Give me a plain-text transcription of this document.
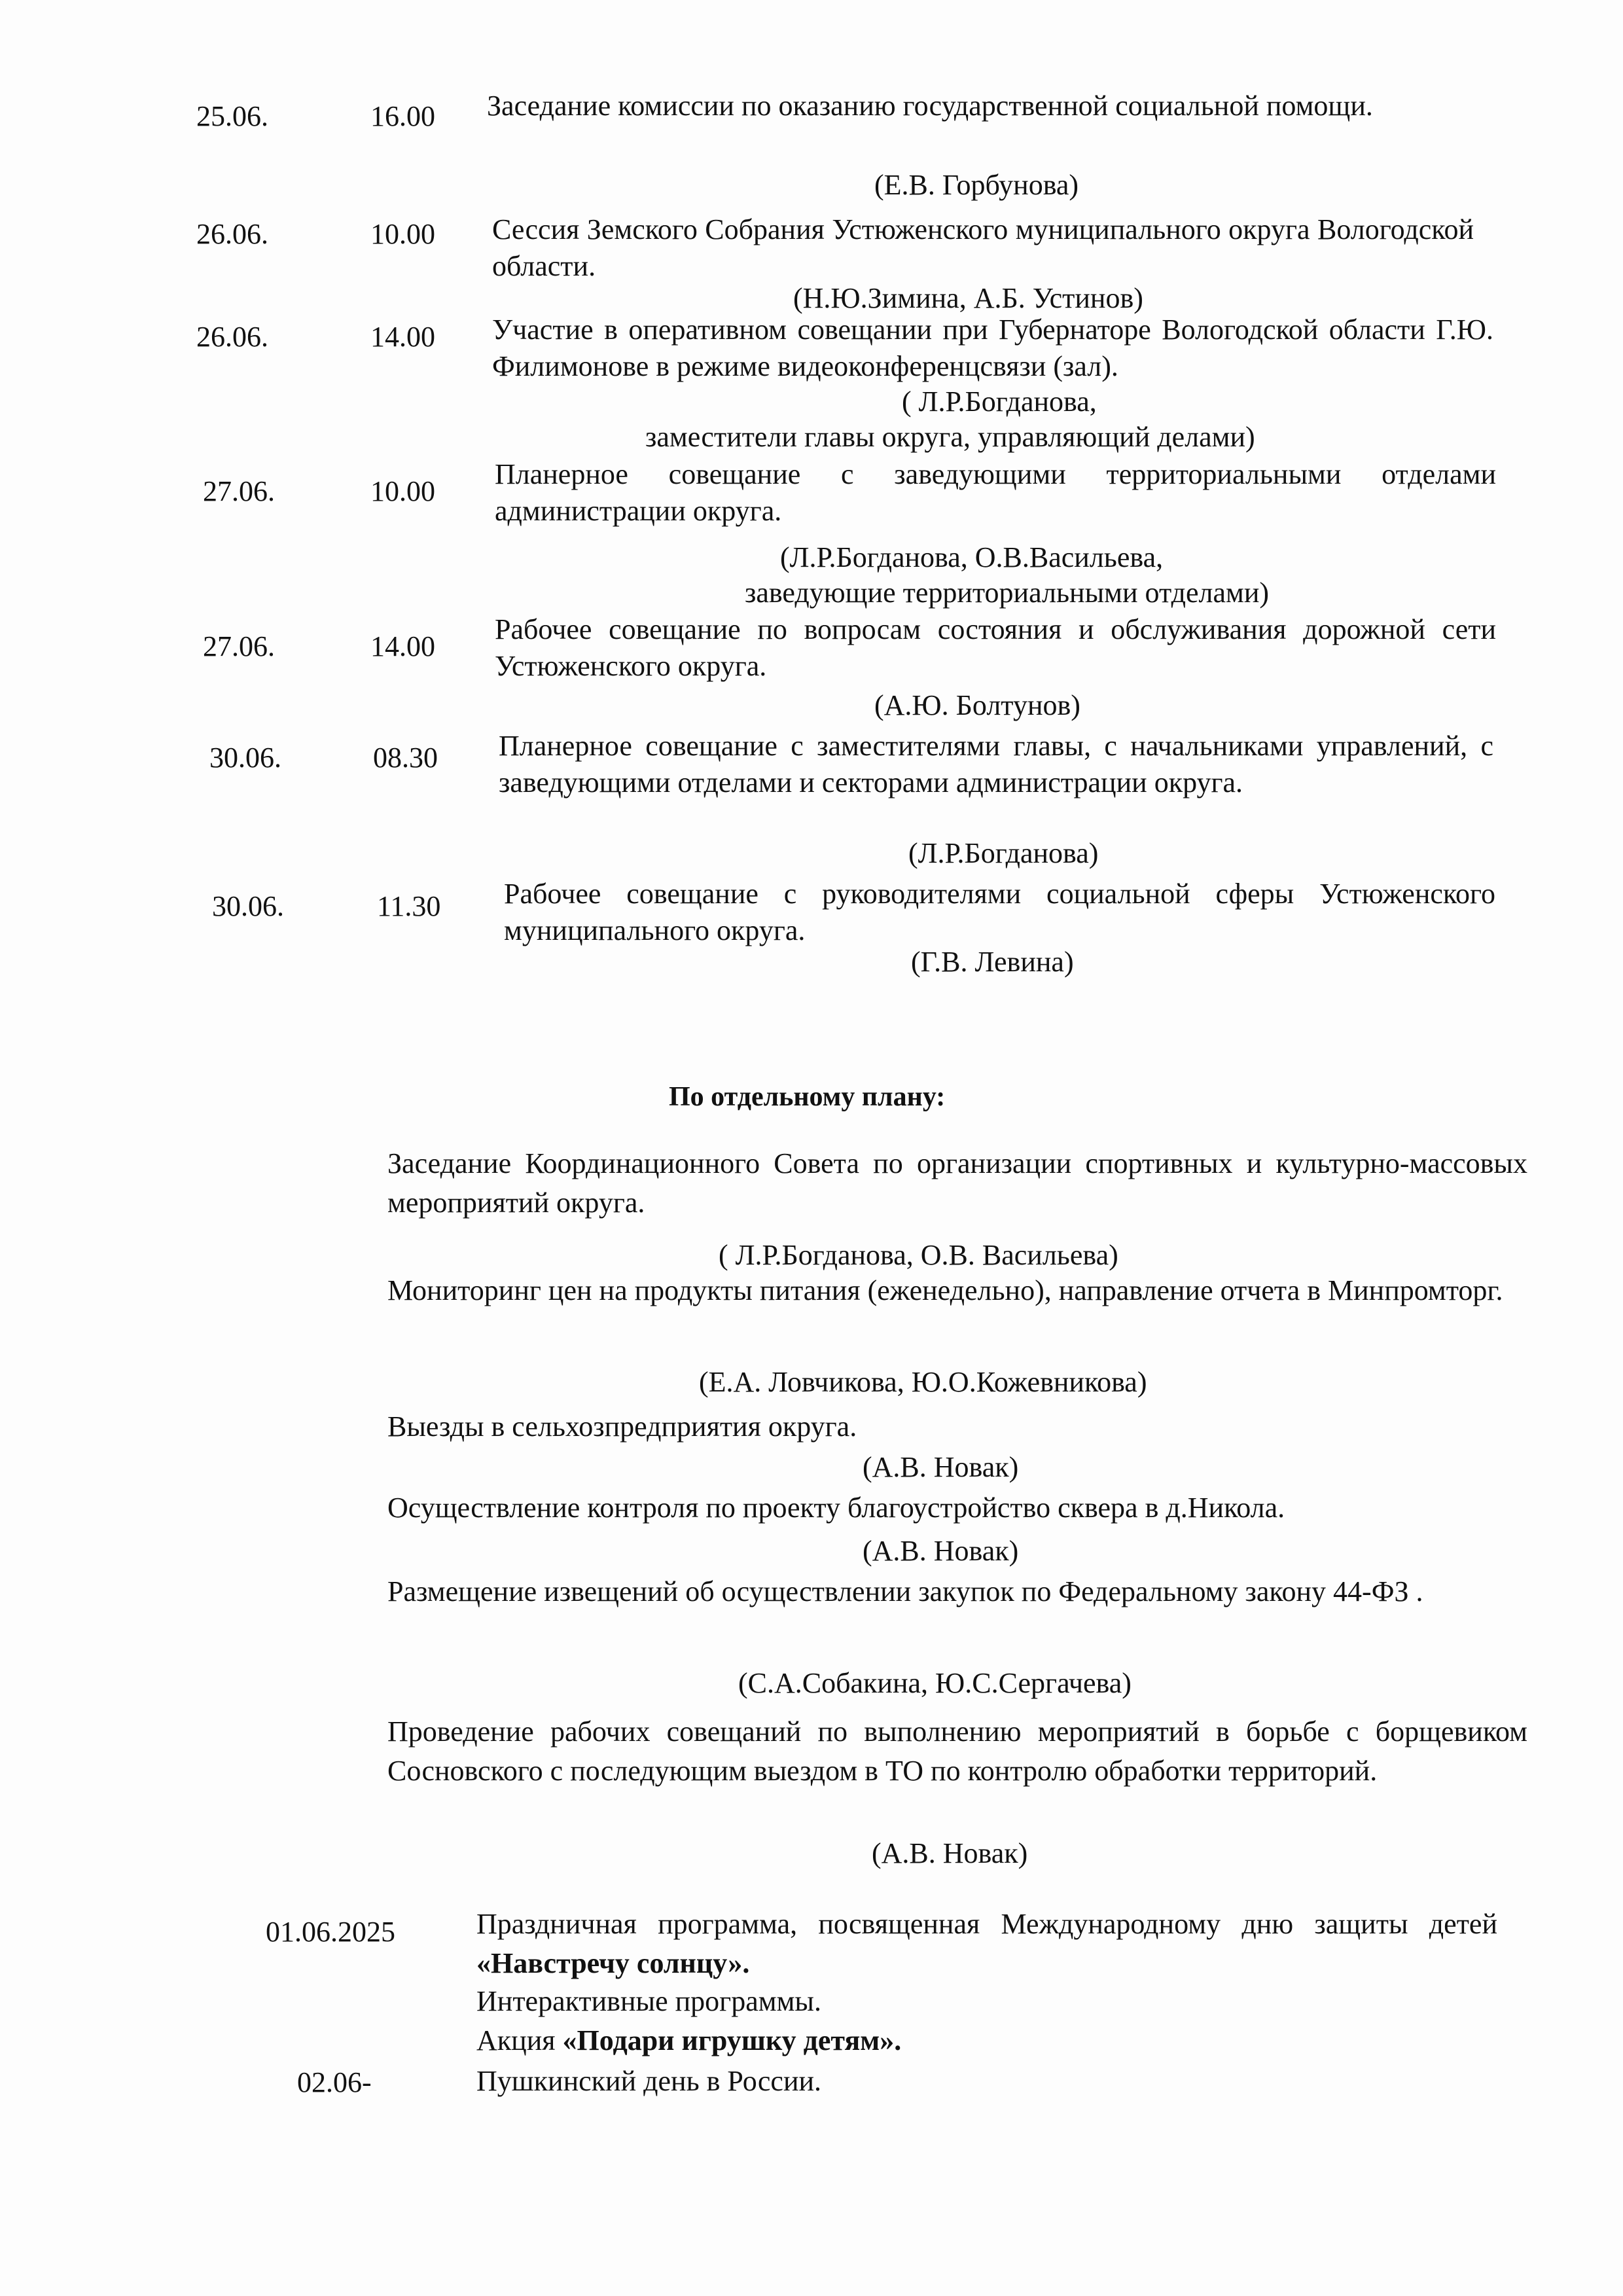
25.06.	16.00 Заседание комиссии по оказанию государственной социальной помощи.
(Е.В. Горбунова)
26.06.	10.00 Сессия Земского Собрания Устюженского муниципального округа Вологодской области.
(Н.Ю.Зимина, А.Б. Устинов)
26.06.	14.00 Участие в оперативном совещании при Губернаторе Вологодской области Г.Ю. Филимонове в режиме видеоконференцсвязи (зал).
( Л.Р.Богданова,
заместители главы округа, управляющий делами)
27.06.	10.00
Планерное совещание с заведующими территориальными отделами администрации округа.
(Л.Р.Богданова, О.В.Васильева,
заведующие территориальными отделами)
27.06.	14.00
Рабочее совещание по вопросам состояния и обслуживания дорожной сети Устюженского округа.
(А.Ю. Болтунов)
30.06.	08.30 Планерное совещание с заместителями главы, с начальниками управлений, с заведующими отделами и секторами администрации округа.
(Л.Р.Богданова)
30.06.	11.30 Рабочее совещание с руководителями социальной сферы Устюженского муниципального округа.
(Г.В. Левина)
По отдельному плану:
Заседание Координационного Совета по организации спортивных и культурно-массовых мероприятий округа.
( Л.Р.Богданова, О.В. Васильева)
Мониторинг цен на продукты питания (еженедельно), направление отчета в Минпромторг.
(Е.А. Ловчикова, Ю.О.Кожевникова)
Выезды в сельхозпредприятия округа.
(А.В. Новак)
Осуществление контроля по проекту благоустройство сквера в д.Никола.
(А.В. Новак)
Размещение извещений об осуществлении закупок по Федеральному закону 44-ФЗ .
(С.А.Собакина, Ю.С.Сергачева)
Проведение рабочих совещаний по выполнению мероприятий в борьбе с борщевиком Сосновского с последующим выездом в ТО по контролю обработки территорий.
(А.В. Новак)
01.06.2025	Праздничная программа, посвященная Международному дню защиты детей «Навстречу солнцу».
Интерактивные программы.
Акция «Подари игрушку детям».
02.06-	Пушкинский день в России.
